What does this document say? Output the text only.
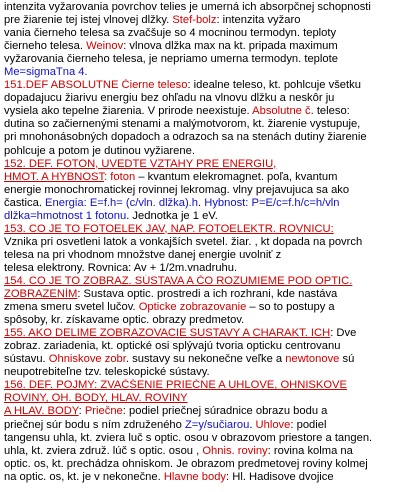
intenzita vyžarovania povrchov telies je umerná ich absorpčnej schopnosti
pre žiarenie tej istej vlnovej dĺžky. Stef-bolz: intenzita vyžaro
vania čierneho telesa sa zvačšuje so 4 mocninou termodyn. teploty
čierneho telesa. Weinov: vlnova dĺžka max na kt. pripada maximum
vyžarovania čierneho telesa, je nepriamo umerna termodyn. teplote
Me=sigmaTna 4.
151.DEF ABSOLUTNE Čierne teleso: idealne teleso, kt. pohlcuje všetku
dopadajucu žiarivu energiu bez ohľadu na vlnovu dĺžku a neskôr ju
vysiela ako tepelne žiarenia. V prirode neexistuje. Absolutne č. teleso:
dutina so začiernenými stenami a malýmotvorom, kt. žiarenie vystupuje,
pri mnohonásobných dopadoch a odrazoch sa na stenách dutiny žiarenie
pohlcuje a potom je dutinou vyžiarene.
152. DEF. FOTON, UVEDTE VZTAHY PRE ENERGIU,
HMOT. A HYBNOST: foton – kvantum elekromagnet. poľa, kvantum
energie monochromatickej rovinnej lekromag. vlny prejavujuca sa ako
častica. Energia: E=f.h= (c/vln. dlžka).h. Hybnost: P=E/c=f.h/c=h/vln
dĺžka=hmotnost 1 fotonu. Jednotka je 1 eV.
153. CO JE TO FOTOELEK JAV, NAP. FOTOELEKTR. ROVNICU:
Vznika pri osvetleni latok a vonkajších svetel. žiar. , kt dopada na povrch
telesa na pri vhodnom množstve danej energie uvolniť z
telesa elektrony. Rovnica: Av + 1/2m.vnadruhu.
154. CO JE TO ZOBRAZ. SÚSTAVA A ČO ROZUMIEME POD OPTIC.
ZOBRAZENÍM: Sustava optic. prostredi a ich rozhrani, kde nastáva
zmena smeru svetel lučov. Opticke zobrazovanie – so to postupy a
spôsoby, kr. získavame optic. obrazy predmetov.
155. AKO DELIME ZOBRAZOVACIE SUSTAVY A CHARAKT. ICH: Dve
zobraz. zariadenia, kt. optické osi splývajú tvoria opticku centrovanu
sústavu. Ohniskove zobr. sustavy su nekonečne veľke a newtonove sú
neupotrebiteľne tzv. teleskopické sústavy.
156. DEF. POJMY: ZVAČŠENIE PRIEČNE A UHLOVE, OHNISKOVE
ROVINY, OH. BODY, HLAV. ROVINY
A HLAV. BODY: Priečne: podiel priečnej súradnice obrazu bodu a
priečnej súr bodu s ním združeného Z=y/sučiarou. Uhlove: podiel
tangensu uhla, kt. zviera luč s optic. osou v obrazovom priestore a tangen.
uhla, kt. zviera združ. lúč s optic. osou , Ohnis. roviny: rovina kolma na
optic. os, kt. prechádza ohniskom. Je obrazom predmetovej roviny kolmej
na optic. os, kt. je v nekonečne. Hlavne body: Hl. Hadisove dvojice
